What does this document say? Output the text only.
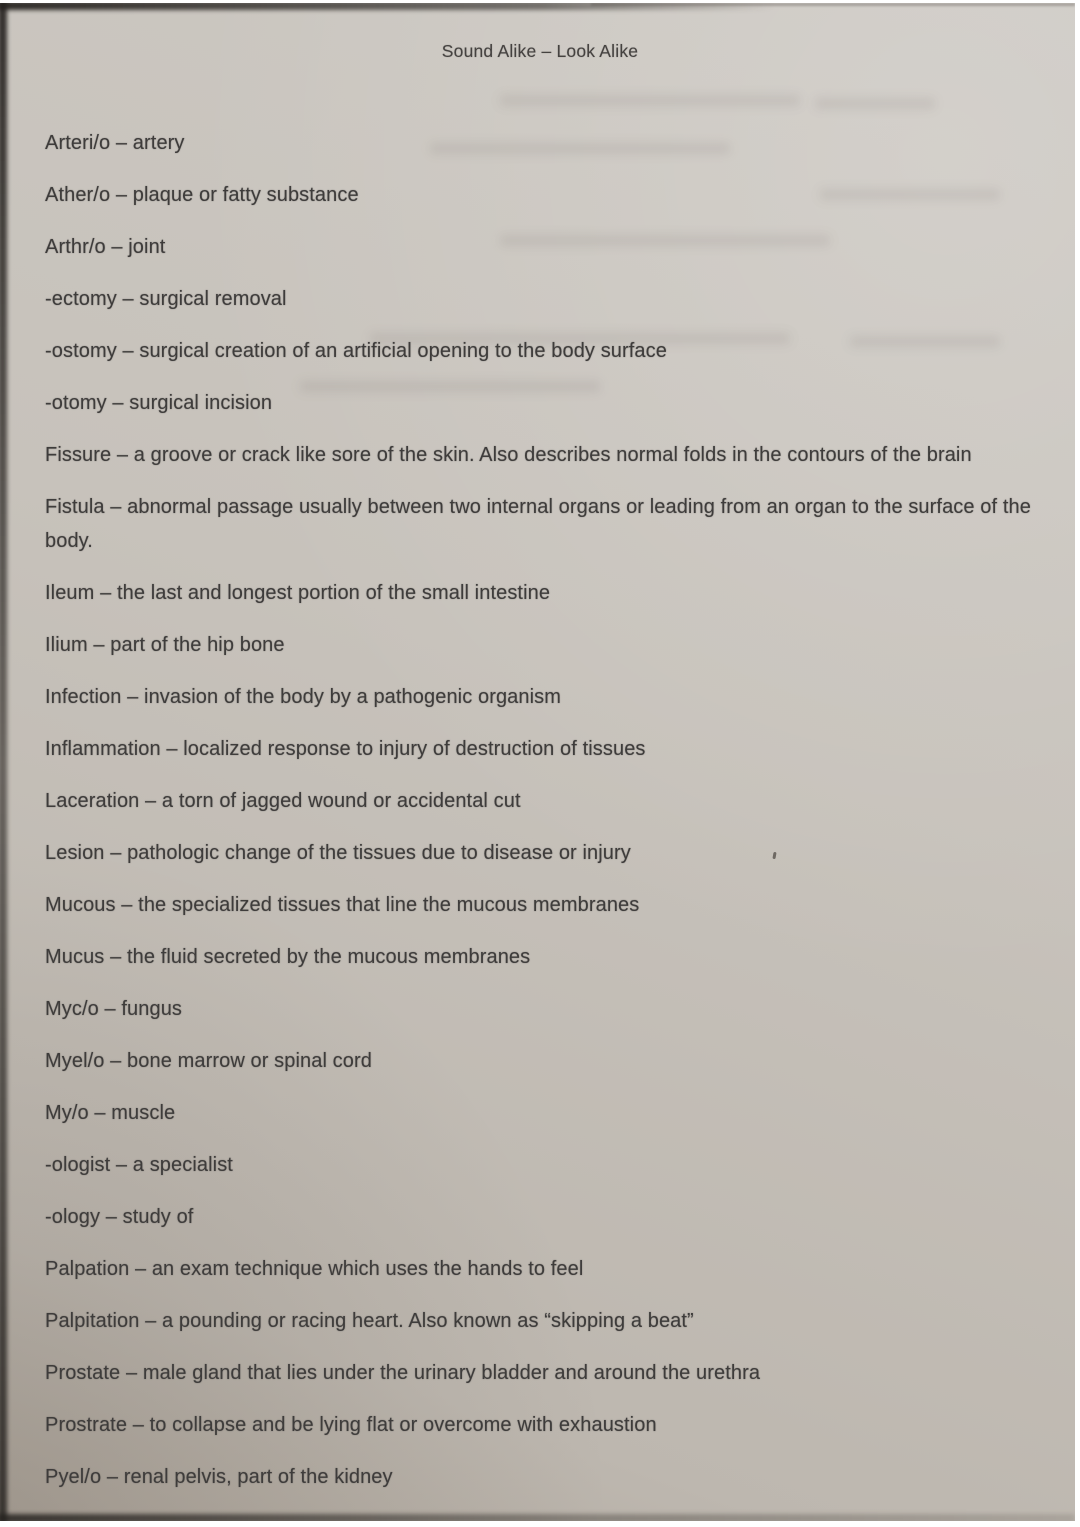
Sound Alike – Look Alike

Arteri/o – artery

Ather/o – plaque or fatty substance

Arthr/o – joint

-ectomy – surgical removal

-ostomy – surgical creation of an artificial opening to the body surface

-otomy – surgical incision

Fissure – a groove or crack like sore of the skin. Also describes normal folds in the contours of the brain

Fistula – abnormal passage usually between two internal organs or leading from an organ to the surface of the body.

Ileum – the last and longest portion of the small intestine

Ilium – part of the hip bone

Infection – invasion of the body by a pathogenic organism

Inflammation – localized response to injury of destruction of tissues

Laceration – a torn of jagged wound or accidental cut

Lesion – pathologic change of the tissues due to disease or injury

Mucous – the specialized tissues that line the mucous membranes

Mucus – the fluid secreted by the mucous membranes

Myc/o – fungus

Myel/o – bone marrow or spinal cord

My/o – muscle

-ologist – a specialist

-ology – study of

Palpation – an exam technique which uses the hands to feel

Palpitation – a pounding or racing heart. Also known as “skipping a beat”

Prostate – male gland that lies under the urinary bladder and around the urethra

Prostrate – to collapse and be lying flat or overcome with exhaustion

Pyel/o – renal pelvis, part of the kidney
